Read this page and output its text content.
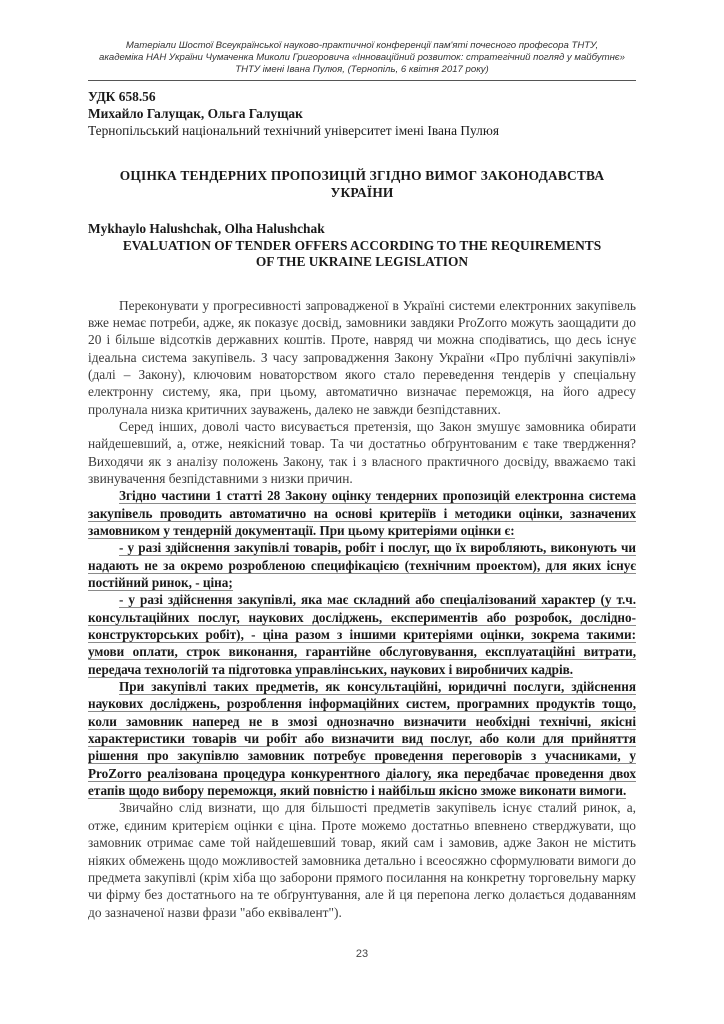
Матеріали Шостої Всеукраїнської науково-практичної конференції пам'яті почесного професора ТНТУ,
академіка НАН України Чумаченка Миколи Григоровича «Інноваційний розвиток: стратегічний погляд у майбутнє»
ТНТУ імені Івана Пулюя, (Тернопіль, 6 квітня 2017 року)
УДК 658.56
Михайло Галущак, Ольга Галущак
Тернопільський національний технічний університет імені Івана Пулюя
ОЦІНКА ТЕНДЕРНИХ ПРОПОЗИЦІЙ ЗГІДНО ВИМОГ ЗАКОНОДАВСТВА
УКРАЇНИ
Mykhaylo Halushchak, Olha Halushchak
EVALUATION OF TENDER OFFERS ACCORDING TO THE REQUIREMENTS
OF THE UKRAINE LEGISLATION

Переконувати у прогресивності запровадженої в Україні системи електронних закупівель вже немає потреби, адже, як показує досвід, замовники завдяки ProZorro можуть заощадити до 20 і більше відсотків державних коштів. Проте, навряд чи можна сподіватись, що десь існує ідеальна система закупівель. З часу запровадження Закону України «Про публічні закупівлі» (далі – Закону), ключовим новаторством якого стало переведення тендерів у спеціальну електронну систему, яка, при цьому, автоматично визначає переможця, на його адресу пролунала низка критичних зауважень, далеко не завжди безпідставних.

Серед інших, доволі часто висувається претензія, що Закон змушує замовника обирати найдешевший, а, отже, неякісний товар. Та чи достатньо обґрунтованим є таке твердження? Виходячи як з аналізу положень Закону, так і з власного практичного досвіду, вважаємо такі звинувачення безпідставними з низки причин.

Згідно частини 1 статті 28 Закону оцінку тендерних пропозицій електронна система закупівель проводить автоматично на основі критеріїв і методики оцінки, зазначених замовником у тендерній документації. При цьому критеріями оцінки є:

- у разі здійснення закупівлі товарів, робіт і послуг, що їх виробляють, виконують чи надають не за окремо розробленою специфікацією (технічним проектом), для яких існує постійний ринок, - ціна;

- у разі здійснення закупівлі, яка має складний або спеціалізований характер (у т.ч. консультаційних послуг, наукових досліджень, експериментів або розробок, дослідно-конструкторських робіт), - ціна разом з іншими критеріями оцінки, зокрема такими: умови оплати, строк виконання, гарантійне обслуговування, експлуатаційні витрати, передача технологій та підготовка управлінських, наукових і виробничих кадрів.

При закупівлі таких предметів, як консультаційні, юридичні послуги, здійснення наукових досліджень, розроблення інформаційних систем, програмних продуктів тощо, коли замовник наперед не в змозі однозначно визначити необхідні технічні, якісні характеристики товарів чи робіт або визначити вид послуг, або коли для прийняття рішення про закупівлю замовник потребує проведення переговорів з учасниками, у ProZorro реалізована процедура конкурентного діалогу, яка передбачає проведення двох етапів щодо вибору переможця, який повністю і найбільш якісно зможе виконати вимоги.

Звичайно слід визнати, що для більшості предметів закупівель існує сталий ринок, а, отже, єдиним критерієм оцінки є ціна. Проте можемо достатньо впевнено стверджувати, що замовник отримає саме той найдешевший товар, який сам і замовив, адже Закон не містить ніяких обмежень щодо можливостей замовника детально і всеосяжно сформулювати вимоги до предмета закупівлі (крім хіба що заборони прямого посилання на конкретну торговельну марку чи фірму без достатнього на те обґрунтування, але й ця перепона легко долається додаванням до зазначеної назви фрази "або еквівалент").

23
